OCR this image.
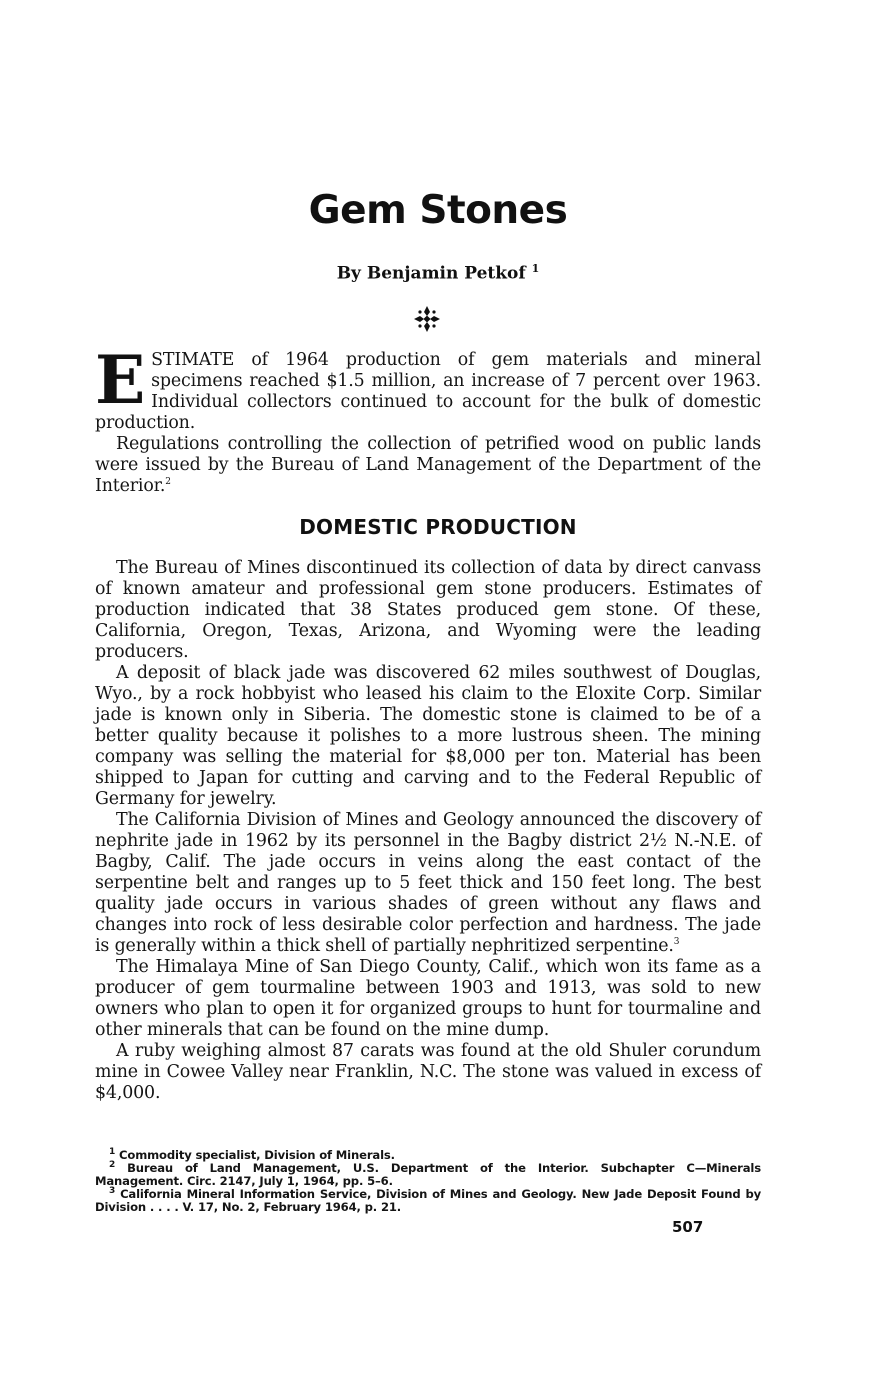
Gem Stones

By Benjamin Petkof $^1$

ESTIMATE of 1964 production of gem materials and mineral specimens reached $1.5 million, an increase of 7 percent over 1963. Individual collectors continued to account for the bulk of domestic production.

Regulations controlling the collection of petrified wood on public lands were issued by the Bureau of Land Management of the Department of the Interior.$^2$

DOMESTIC PRODUCTION

The Bureau of Mines discontinued its collection of data by direct canvass of known amateur and professional gem stone producers. Estimates of production indicated that 38 States produced gem stone. Of these, California, Oregon, Texas, Arizona, and Wyoming were the leading producers.

A deposit of black jade was discovered 62 miles southwest of Douglas, Wyo., by a rock hobbyist who leased his claim to the Eloxite Corp. Similar jade is known only in Siberia. The domestic stone is claimed to be of a better quality because it polishes to a more lustrous sheen. The mining company was selling the material for $8,000 per ton. Material has been shipped to Japan for cutting and carving and to the Federal Republic of Germany for jewelry.

The California Division of Mines and Geology announced the discovery of nephrite jade in 1962 by its personnel in the Bagby district 2½ N.-N.E. of Bagby, Calif. The jade occurs in veins along the east contact of the serpentine belt and ranges up to 5 feet thick and 150 feet long. The best quality jade occurs in various shades of green without any flaws and changes into rock of less desirable color perfection and hardness. The jade is generally within a thick shell of partially nephritized serpentine.$^3$

The Himalaya Mine of San Diego County, Calif., which won its fame as a producer of gem tourmaline between 1903 and 1913, was sold to new owners who plan to open it for organized groups to hunt for tourmaline and other minerals that can be found on the mine dump.

A ruby weighing almost 87 carats was found at the old Shuler corundum mine in Cowee Valley near Franklin, N.C. The stone was valued in excess of $4,000.

$^1$ Commodity specialist, Division of Minerals.

$^2$ Bureau of Land Management, U.S. Department of the Interior. Subchapter C—Minerals Management. Circ. 2147, July 1, 1964, pp. 5–6.

$^3$ California Mineral Information Service, Division of Mines and Geology. New Jade Deposit Found by Division . . . . V. 17, No. 2, February 1964, p. 21.

507
